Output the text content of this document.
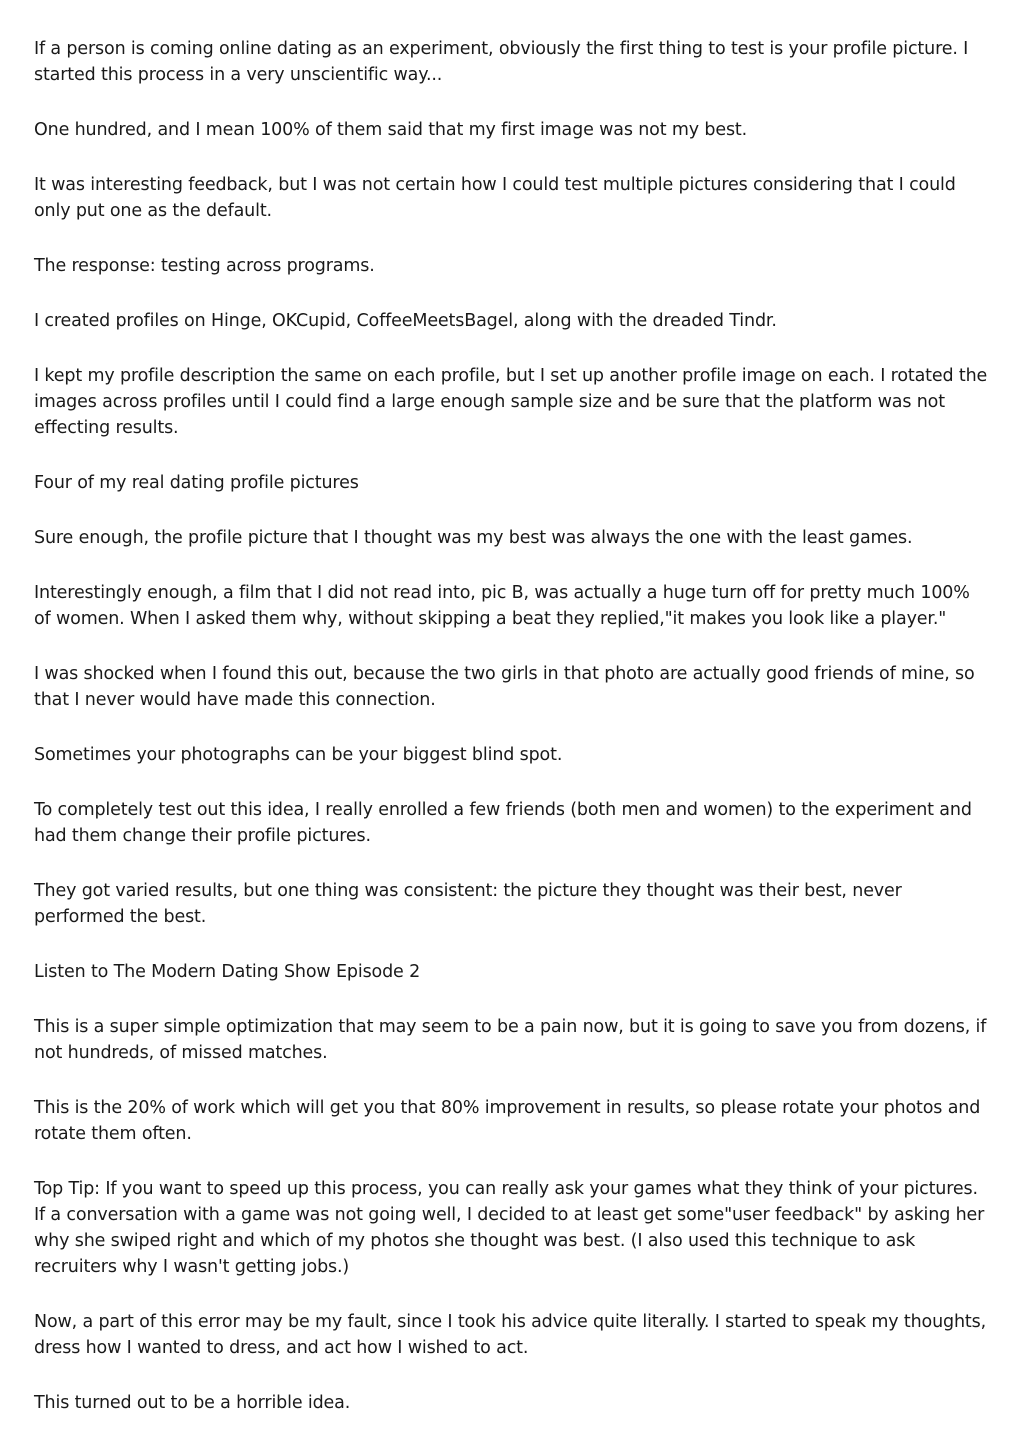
If a person is coming online dating as an experiment, obviously the first thing to test is your profile picture. I started this process in a very unscientific way...

One hundred, and I mean 100% of them said that my first image was not my best.

It was interesting feedback, but I was not certain how I could test multiple pictures considering that I could only put one as the default.

The response: testing across programs.

I created profiles on Hinge, OKCupid, CoffeeMeetsBagel, along with the dreaded Tindr.

I kept my profile description the same on each profile, but I set up another profile image on each. I rotated the images across profiles until I could find a large enough sample size and be sure that the platform was not effecting results.

Four of my real dating profile pictures

Sure enough, the profile picture that I thought was my best was always the one with the least games.

Interestingly enough, a film that I did not read into, pic B, was actually a huge turn off for pretty much 100% of women. When I asked them why, without skipping a beat they replied,"it makes you look like a player."

I was shocked when I found this out, because the two girls in that photo are actually good friends of mine, so that I never would have made this connection.

Sometimes your photographs can be your biggest blind spot.

To completely test out this idea, I really enrolled a few friends (both men and women) to the experiment and had them change their profile pictures.

They got varied results, but one thing was consistent: the picture they thought was their best, never performed the best.

Listen to The Modern Dating Show Episode 2

This is a super simple optimization that may seem to be a pain now, but it is going to save you from dozens, if not hundreds, of missed matches.

This is the 20% of work which will get you that 80% improvement in results, so please rotate your photos and rotate them often.

Top Tip: If you want to speed up this process, you can really ask your games what they think of your pictures. If a conversation with a game was not going well, I decided to at least get some"user feedback" by asking her why she swiped right and which of my photos she thought was best. (I also used this technique to ask recruiters why I wasn't getting jobs.)

Now, a part of this error may be my fault, since I took his advice quite literally. I started to speak my thoughts, dress how I wanted to dress, and act how I wished to act.

This turned out to be a horrible idea.
